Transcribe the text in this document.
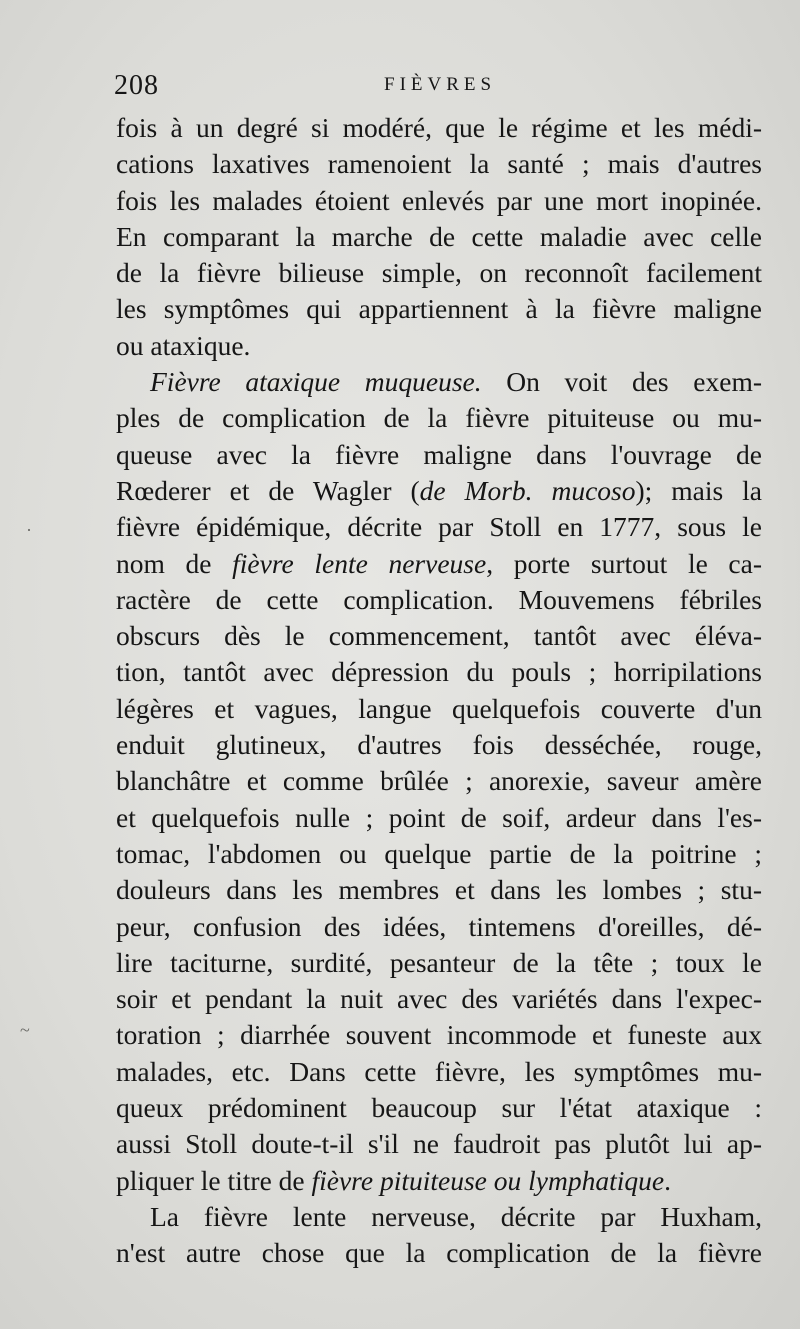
208	FIÈVRES
fois à un degré si modéré, que le régime et les médi-
cations laxatives ramenoient la santé ; mais d'autres
fois les malades étoient enlevés par une mort inopinée.
En comparant la marche de cette maladie avec celle
de la fièvre bilieuse simple, on reconnoît facilement
les symptômes qui appartiennent à la fièvre maligne
ou ataxique.
Fièvre ataxique muqueuse. On voit des exem-
ples de complication de la fièvre pituiteuse ou mu-
queuse avec la fièvre maligne dans l'ouvrage de
Rœderer et de Wagler (de Morb. mucoso); mais la
fièvre épidémique, décrite par Stoll en 1777, sous le
nom de fièvre lente nerveuse, porte surtout le ca-
ractère de cette complication. Mouvemens fébriles
obscurs dès le commencement, tantôt avec éléva-
tion, tantôt avec dépression du pouls ; horripilations
légères et vagues, langue quelquefois couverte d'un
enduit glutineux, d'autres fois desséchée, rouge,
blanchâtre et comme brûlée ; anorexie, saveur amère
et quelquefois nulle ; point de soif, ardeur dans l'es-
tomac, l'abdomen ou quelque partie de la poitrine ;
douleurs dans les membres et dans les lombes ; stu-
peur, confusion des idées, tintemens d'oreilles, dé-
lire taciturne, surdité, pesanteur de la tête ; toux le
soir et pendant la nuit avec des variétés dans l'expec-
toration ; diarrhée souvent incommode et funeste aux
malades, etc. Dans cette fièvre, les symptômes mu-
queux prédominent beaucoup sur l'état ataxique :
aussi Stoll doute-t-il s'il ne faudroit pas plutôt lui ap-
pliquer le titre de fièvre pituiteuse ou lymphatique.
La fièvre lente nerveuse, décrite par Huxham,
n'est autre chose que la complication de la fièvre
~
·
